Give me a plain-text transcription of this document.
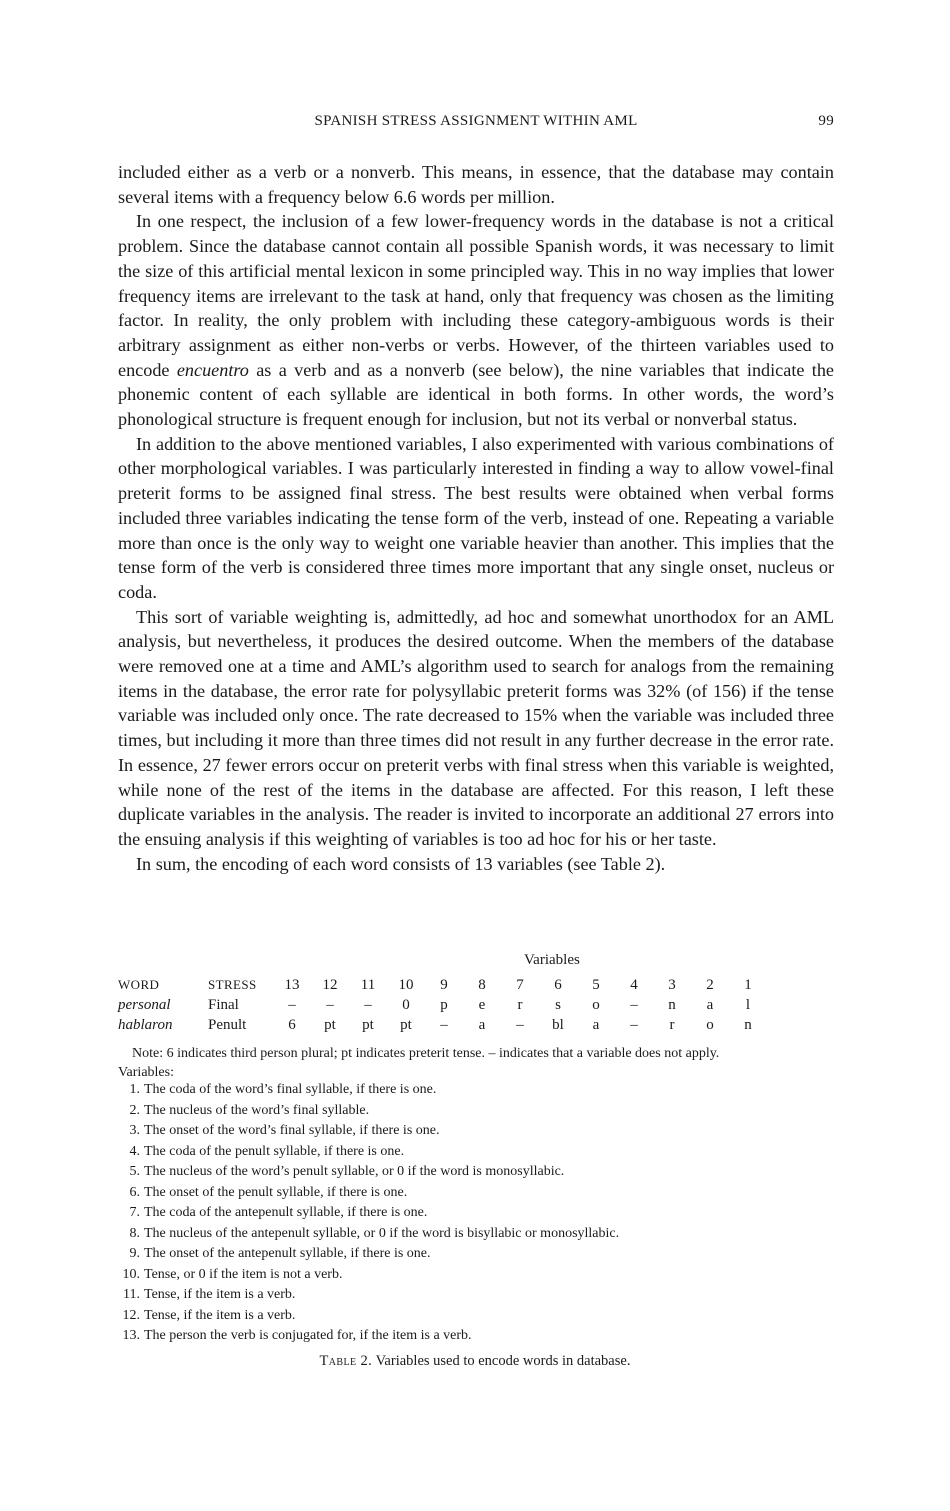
SPANISH STRESS ASSIGNMENT WITHIN AML	99

included either as a verb or a nonverb. This means, in essence, that the database may contain several items with a frequency below 6.6 words per million.

In one respect, the inclusion of a few lower-frequency words in the database is not a critical problem. Since the database cannot contain all possible Spanish words, it was necessary to limit the size of this artificial mental lexicon in some principled way. This in no way implies that lower frequency items are irrelevant to the task at hand, only that frequency was chosen as the limiting factor. In reality, the only problem with including these category-ambiguous words is their arbitrary assignment as either non-verbs or verbs. However, of the thirteen variables used to encode encuentro as a verb and as a nonverb (see below), the nine variables that indicate the phonemic content of each syllable are identical in both forms. In other words, the word’s phonological structure is frequent enough for inclusion, but not its verbal or nonverbal status.

In addition to the above mentioned variables, I also experimented with various combinations of other morphological variables. I was particularly interested in finding a way to allow vowel-final preterit forms to be assigned final stress. The best results were obtained when verbal forms included three variables indicating the tense form of the verb, instead of one. Repeating a variable more than once is the only way to weight one variable heavier than another. This implies that the tense form of the verb is considered three times more important that any single onset, nucleus or coda.

This sort of variable weighting is, admittedly, ad hoc and somewhat unorthodox for an AML analysis, but nevertheless, it produces the desired outcome. When the members of the database were removed one at a time and AML’s algorithm used to search for analogs from the remaining items in the database, the error rate for polysyllabic preterit forms was 32% (of 156) if the tense variable was included only once. The rate decreased to 15% when the variable was included three times, but including it more than three times did not result in any further decrease in the error rate. In essence, 27 fewer errors occur on preterit verbs with final stress when this variable is weighted, while none of the rest of the items in the database are affected. For this reason, I left these duplicate variables in the analysis. The reader is invited to incorporate an additional 27 errors into the ensuing analysis if this weighting of variables is too ad hoc for his or her taste.

In sum, the encoding of each word consists of 13 variables (see Table 2).

Variables
WORD	STRESS	13	12	11	10	9	8	7	6	5	4	3	2	1
personal	Final	–	–	–	0	p	e	r	s	o	–	n	a	l
hablaron	Penult	6	pt	pt	pt	–	a	–	bl	a	–	r	o	n
Note: 6 indicates third person plural; pt indicates preterit tense. – indicates that a variable does not apply.
Variables:
1. The coda of the word’s final syllable, if there is one.
2. The nucleus of the word’s final syllable.
3. The onset of the word’s final syllable, if there is one.
4. The coda of the penult syllable, if there is one.
5. The nucleus of the word’s penult syllable, or 0 if the word is monosyllabic.
6. The onset of the penult syllable, if there is one.
7. The coda of the antepenult syllable, if there is one.
8. The nucleus of the antepenult syllable, or 0 if the word is bisyllabic or monosyllabic.
9. The onset of the antepenult syllable, if there is one.
10. Tense, or 0 if the item is not a verb.
11. Tense, if the item is a verb.
12. Tense, if the item is a verb.
13. The person the verb is conjugated for, if the item is a verb.
Table 2. Variables used to encode words in database.
